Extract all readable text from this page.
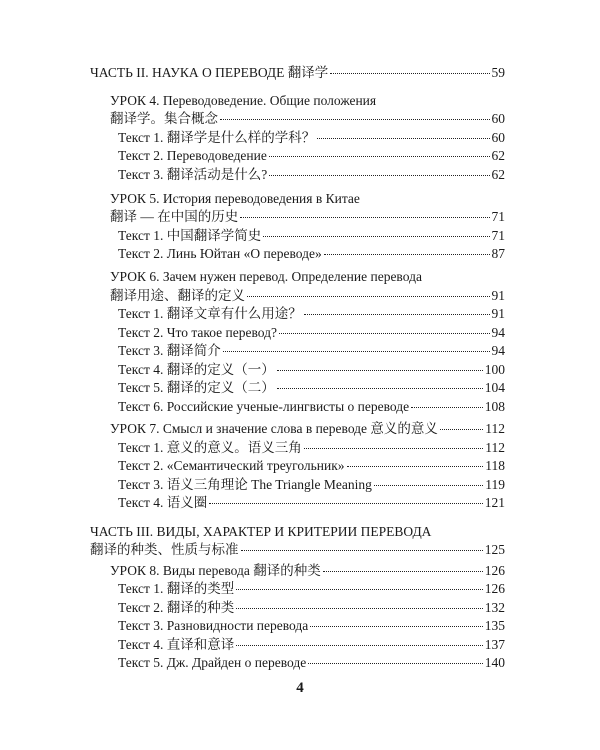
ЧАСТЬ II. НАУКА О ПЕРЕВОДЕ 翻译学	59
УРОК 4. Переводоведение. Общие положения
翻译学。集合概念	60
Текст 1. 翻译学是什么样的学科？	60
Текст 2. Переводоведение	62
Текст 3. 翻译活动是什么?	62
УРОК 5. История переводоведения в Китае
翻译 — 在中国的历史	71
Текст 1. 中国翻译学简史	71
Текст 2. Линь Юйтан «О переводе»	87
УРОК 6. Зачем нужен перевод. Определение перевода
翻译用途、翻译的定义	91
Текст 1. 翻译文章有什么用途？	91
Текст 2. Что такое перевод?	94
Текст 3. 翻译简介	94
Текст 4. 翻译的定义（一）	100
Текст 5. 翻译的定义（二）	104
Текст 6. Российские ученые-лингвисты о переводе	108
УРОК 7. Смысл и значение слова в переводе 意义的意义	112
Текст 1. 意义的意义。语义三角	112
Текст 2. «Семантический треугольник»	118
Текст 3. 语义三角理论 The Triangle Meaning	119
Текст 4. 语义圈	121
ЧАСТЬ III. ВИДЫ, ХАРАКТЕР И КРИТЕРИИ ПЕРЕВОДА
翻译的种类、性质与标准	125
УРОК 8. Виды перевода 翻译的种类	126
Текст 1. 翻译的类型	126
Текст 2. 翻译的种类	132
Текст 3. Разновидности перевода	135
Текст 4. 直译和意译	137
Текст 5. Дж. Драйден о переводе	140
4
